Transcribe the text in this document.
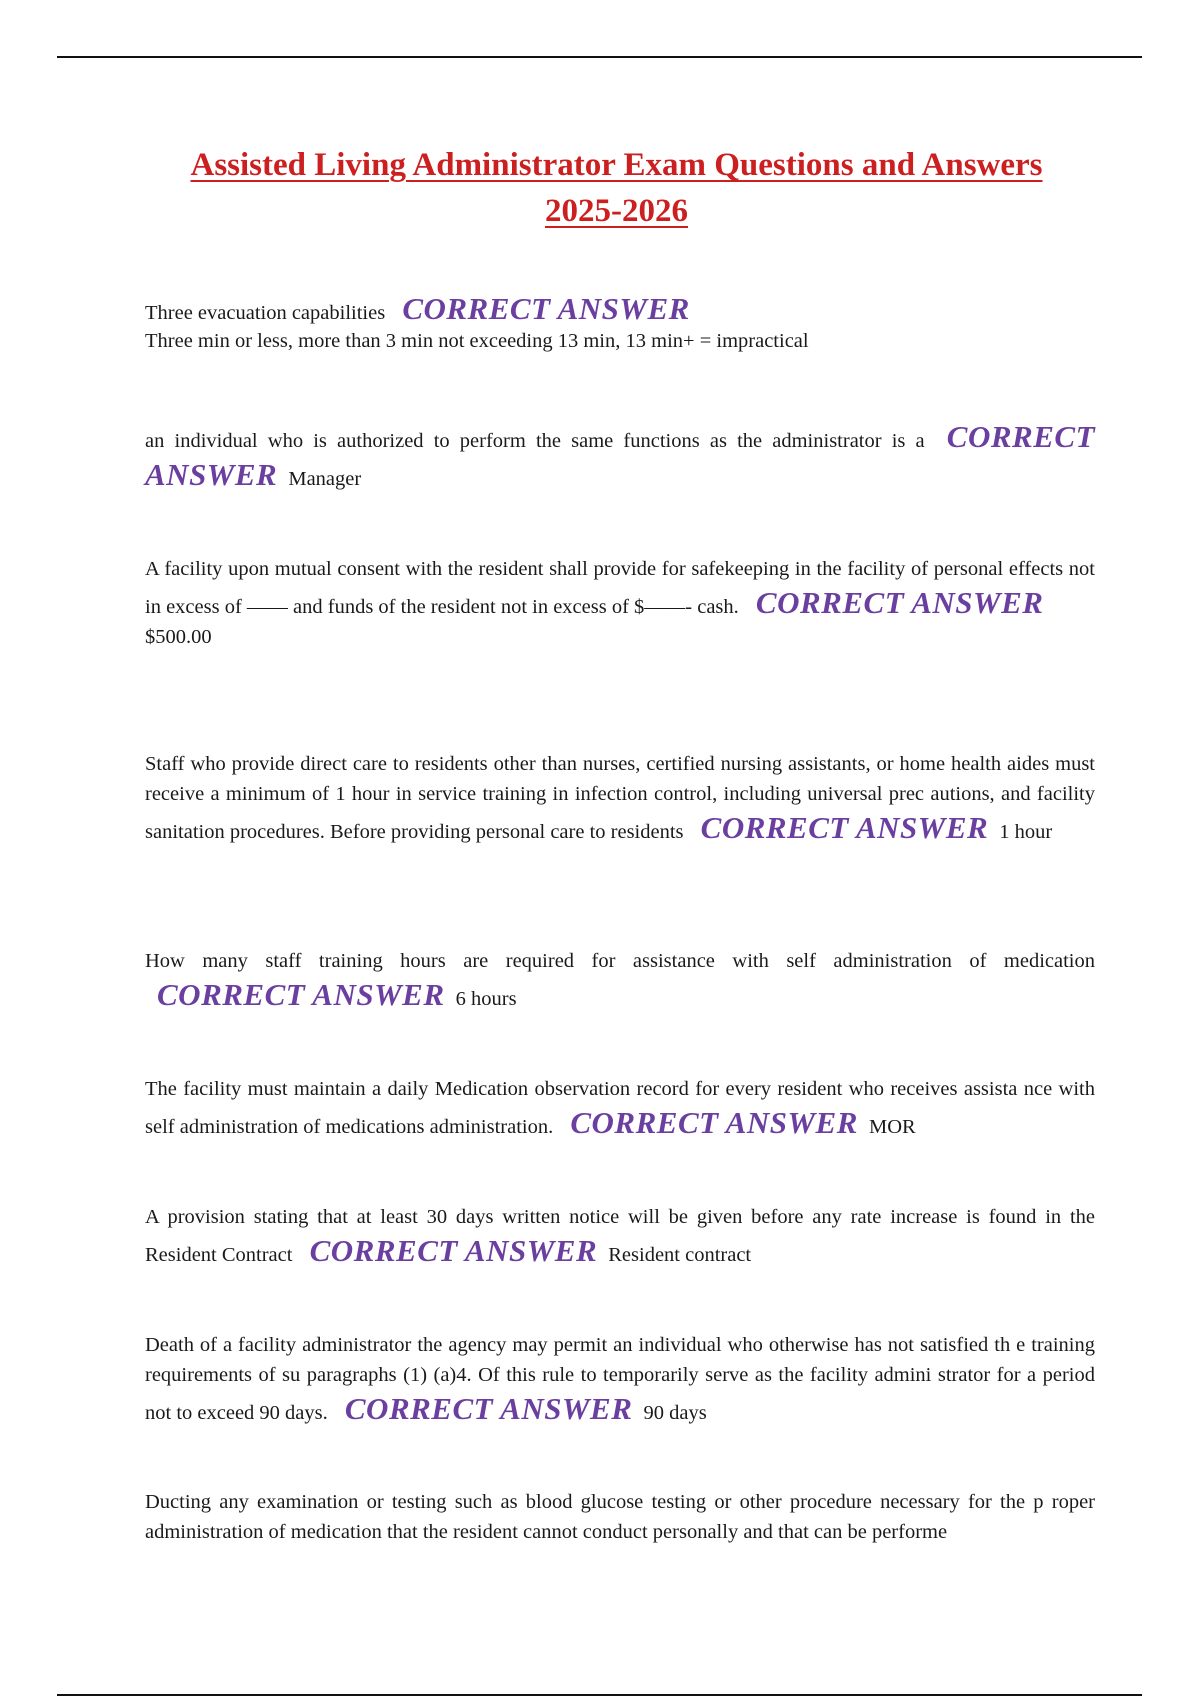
Assisted Living Administrator Exam Questions and Answers
2025-2026
Three evacuation capabilities CORRECT ANSWER
Three min or less, more than 3 min not exceeding 13 min, 13 min+ = impractical
an individual who is authorized to perform the same functions as the administrator is a CORRECT ANSWER Manager
A facility upon mutual consent with the resident shall provide for safekeeping in the facility of personal effects not in excess of —— and funds of the resident not in excess of $——- cash. CORRECT ANSWER
$500.00
Staff who provide direct care to residents other than nurses, certified nursing assistants, or home health aides must receive a minimum of 1 hour in service training in infection control, including universal prec autions, and facility sanitation procedures. Before providing personal care to residents CORRECT ANSWER 1 hour
How many staff training hours are required for assistance with self administration of medication CORRECT ANSWER 6 hours
The facility must maintain a daily Medication observation record for every resident who receives assista nce with self administration of medications administration. CORRECT ANSWER MOR
A provision stating that at least 30 days written notice will be given before any rate increase is found in the Resident Contract CORRECT ANSWER Resident contract
Death of a facility administrator the agency may permit an individual who otherwise has not satisfied th e training requirements of su paragraphs (1) (a)4. Of this rule to temporarily serve as the facility admini strator for a period not to exceed 90 days. CORRECT ANSWER 90 days
Ducting any examination or testing such as blood glucose testing or other procedure necessary for the p roper administration of medication that the resident cannot conduct personally and that can be performe
